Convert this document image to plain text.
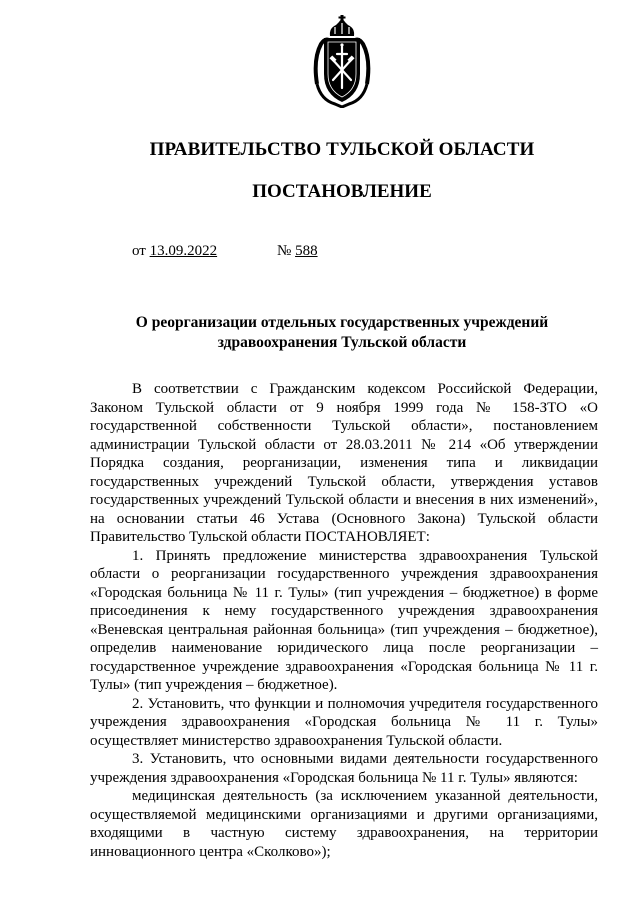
ПРАВИТЕЛЬСТВО ТУЛЬСКОЙ ОБЛАСТИ
ПОСТАНОВЛЕНИЕ
от 13.09.2022	№ 588
О реорганизации отдельных государственных учреждений
здравоохранения Тульской области

В соответствии с Гражданским кодексом Российской Федерации, Законом Тульской области от 9 ноября 1999 года № 158-ЗТО «О государственной собственности Тульской области», постановлением администрации Тульской области от 28.03.2011 № 214 «Об утверждении Порядка создания, реорганизации, изменения типа и ликвидации государственных учреждений Тульской области, утверждения уставов государственных учреждений Тульской области и внесения в них изменений», на основании статьи 46 Устава (Основного Закона) Тульской области Правительство Тульской области ПОСТАНОВЛЯЕТ:

1. Принять предложение министерства здравоохранения Тульской области о реорганизации государственного учреждения здравоохранения «Городская больница № 11 г. Тулы» (тип учреждения – бюджетное) в форме присоединения к нему государственного учреждения здравоохранения «Веневская центральная районная больница» (тип учреждения – бюджетное), определив наименование юридического лица после реорганизации – государственное учреждение здравоохранения «Городская больница № 11 г. Тулы» (тип учреждения – бюджетное).

2. Установить, что функции и полномочия учредителя государственного учреждения здравоохранения «Городская больница № 11 г. Тулы» осуществляет министерство здравоохранения Тульской области.

3. Установить, что основными видами деятельности государственного учреждения здравоохранения «Городская больница № 11 г. Тулы» являются:

медицинская деятельность (за исключением указанной деятельности, осуществляемой медицинскими организациями и другими организациями, входящими в частную систему здравоохранения, на территории инновационного центра «Сколково»);
